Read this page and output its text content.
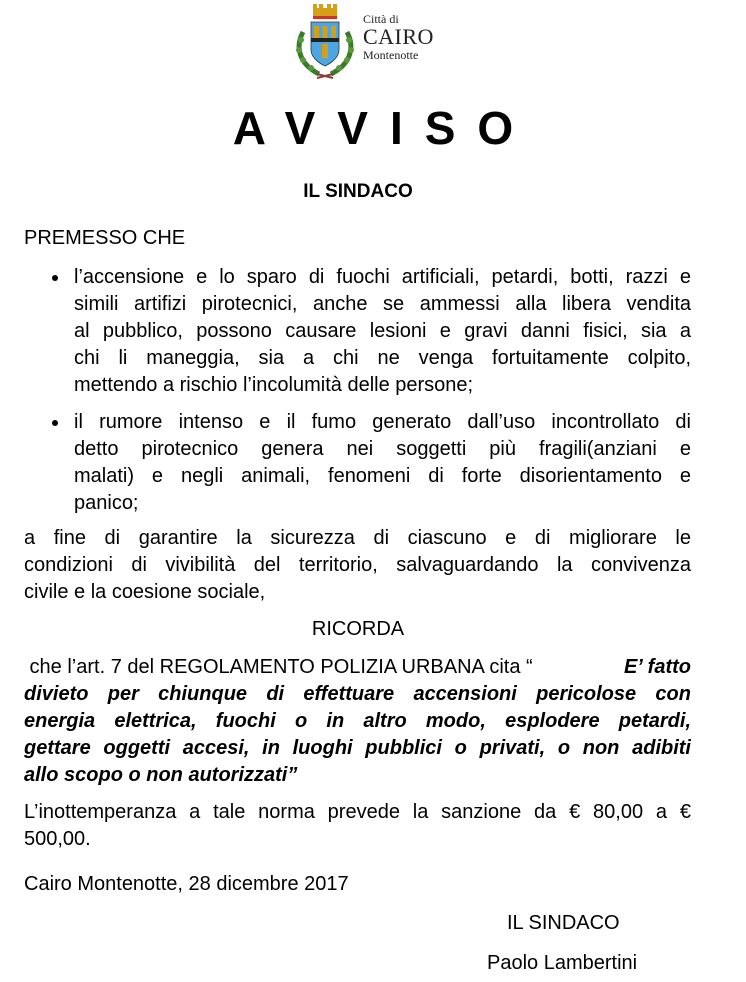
Città di
CAIRO
Montenotte
AVVISO
IL SINDACO
PREMESSO CHE
l’accensione e lo sparo di fuochi artificiali, petardi, botti, razzi e
simili artifizi pirotecnici, anche se ammessi alla libera vendita
al pubblico, possono causare lesioni e gravi danni fisici, sia a
chi li maneggia, sia a chi ne venga fortuitamente colpito,
mettendo a rischio l’incolumità delle persone;
il rumore intenso e il fumo generato dall’uso incontrollato di
detto pirotecnico genera nei soggetti più fragili(anziani e
malati) e negli animali, fenomeni di forte disorientamento e
panico;
a fine di garantire la sicurezza di ciascuno e di migliorare le
condizioni di vivibilità del territorio, salvaguardando la convivenza
civile e la coesione sociale,
RICORDA
che l’art. 7 del REGOLAMENTO POLIZIA URBANA cita “	E’ fatto
divieto per chiunque di effettuare accensioni pericolose con
energia elettrica, fuochi o in altro modo, esplodere petardi,
gettare oggetti accesi, in luoghi pubblici o privati, o non adibiti
allo scopo o non autorizzati”
L’inottemperanza a tale norma prevede la sanzione da € 80,00 a €
500,00.
Cairo Montenotte, 28 dicembre 2017
IL SINDACO
Paolo Lambertini
